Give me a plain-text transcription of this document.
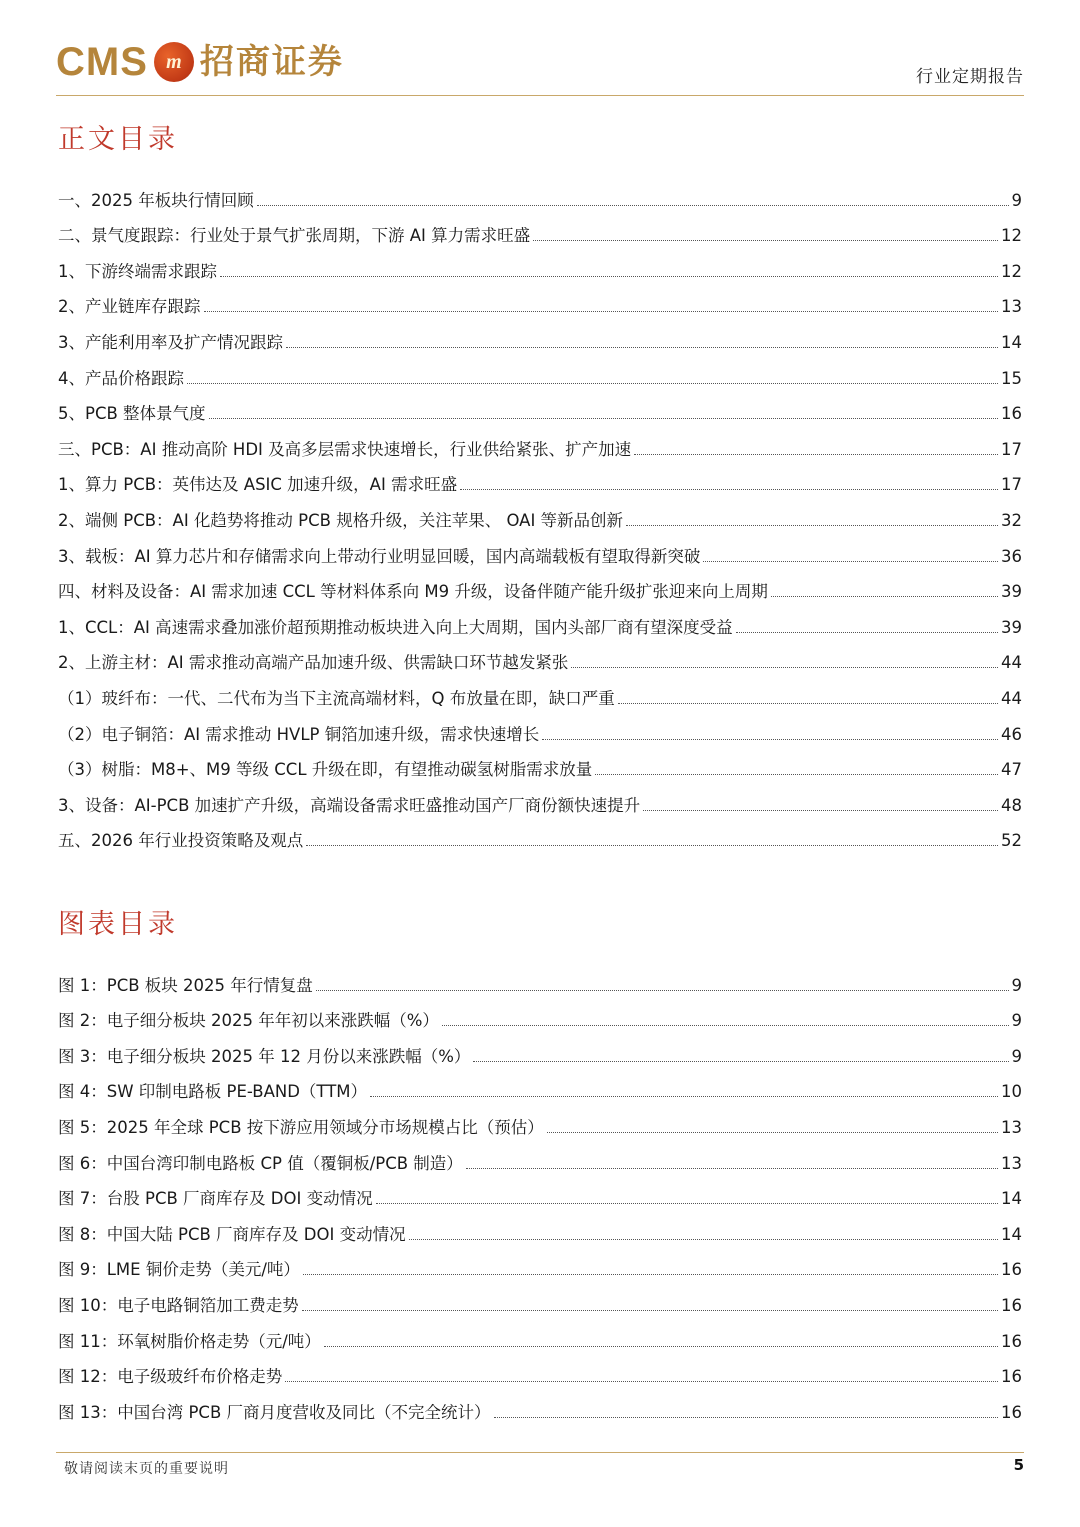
CMS m 招商证券	行业定期报告
正文目录
一、2025 年板块行情回顾	9
二、景气度跟踪：行业处于景气扩张周期，下游 AI 算力需求旺盛	12
1、下游终端需求跟踪	12
2、产业链库存跟踪	13
3、产能利用率及扩产情况跟踪	14
4、产品价格跟踪	15
5、PCB 整体景气度	16
三、PCB：AI 推动高阶 HDI 及高多层需求快速增长，行业供给紧张、扩产加速	17
1、算力 PCB：英伟达及 ASIC 加速升级，AI 需求旺盛	17
2、端侧 PCB：AI 化趋势将推动 PCB 规格升级，关注苹果、 OAI 等新品创新	32
3、载板：AI 算力芯片和存储需求向上带动行业明显回暖，国内高端载板有望取得新突破	36
四、材料及设备：AI 需求加速 CCL 等材料体系向 M9 升级，设备伴随产能升级扩张迎来向上周期	39
1、CCL：AI 高速需求叠加涨价超预期推动板块进入向上大周期，国内头部厂商有望深度受益	39
2、上游主材：AI 需求推动高端产品加速升级、供需缺口环节越发紧张	44
（1）玻纤布：一代、二代布为当下主流高端材料，Q 布放量在即，缺口严重	44
（2）电子铜箔：AI 需求推动 HVLP 铜箔加速升级，需求快速增长	46
（3）树脂：M8+、M9 等级 CCL 升级在即，有望推动碳氢树脂需求放量	47
3、设备：AI-PCB 加速扩产升级，高端设备需求旺盛推动国产厂商份额快速提升	48
五、2026 年行业投资策略及观点	52
图表目录
图 1：PCB 板块 2025 年行情复盘	9
图 2：电子细分板块 2025 年年初以来涨跌幅（%）	9
图 3：电子细分板块 2025 年 12 月份以来涨跌幅（%）	9
图 4：SW 印制电路板 PE-BAND（TTM）	10
图 5：2025 年全球 PCB 按下游应用领域分市场规模占比（预估）	13
图 6：中国台湾印制电路板 CP 值（覆铜板/PCB 制造）	13
图 7：台股 PCB 厂商库存及 DOI 变动情况	14
图 8：中国大陆 PCB 厂商库存及 DOI 变动情况	14
图 9：LME 铜价走势（美元/吨）	16
图 10：电子电路铜箔加工费走势	16
图 11：环氧树脂价格走势（元/吨）	16
图 12：电子级玻纤布价格走势	16
图 13：中国台湾 PCB 厂商月度营收及同比（不完全统计）	16
敬请阅读末页的重要说明	5
